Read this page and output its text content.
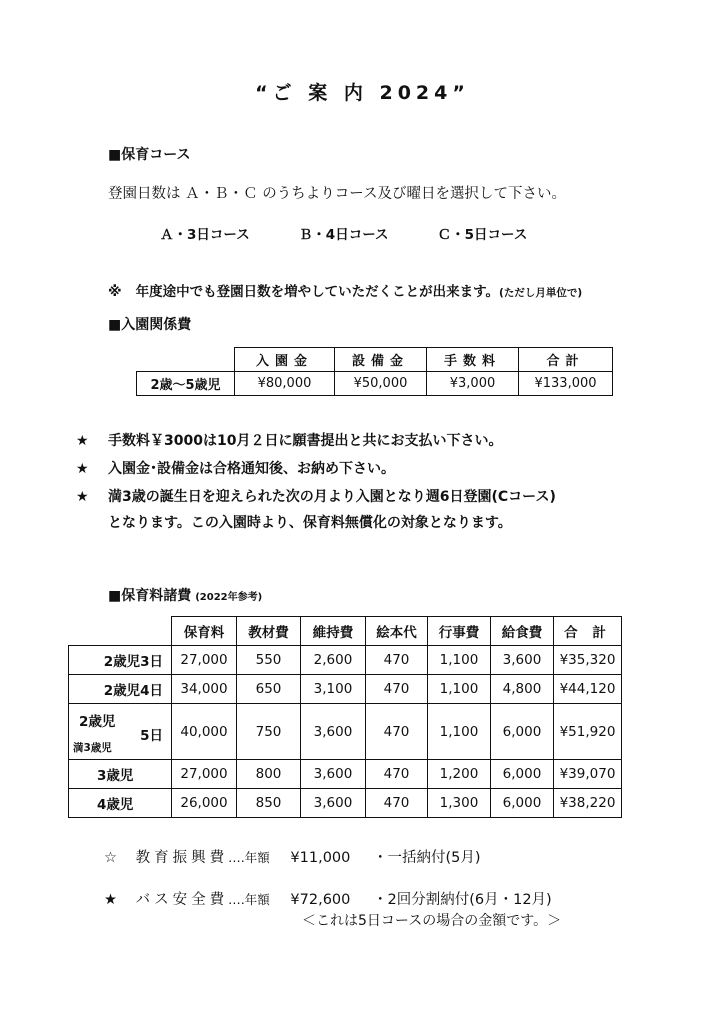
“ご 案 内 2024”
■保育コース
登園日数は Ａ・Ｂ・Ｃ のうちよりコース及び曜日を選択して下さい。
Ａ・3日コース	Ｂ・4日コース	Ｃ・5日コース
※ 年度途中でも登園日数を増やしていただくことが出来ます。(ただし月単位で)
■入園関係費
	入園金	設備金	手数料	合計
2歳～5歳児	¥80,000	¥50,000	¥3,000	¥133,000
★ 手数料￥3000は10月２日に願書提出と共にお支払い下さい。
★ 入園金･設備金は合格通知後、お納め下さい。
★ 満3歳の誕生日を迎えられた次の月より入園となり週6日登園(Cコース)
となります。この入園時より、保育料無償化の対象となります。
■保育料諸費 (2022年参考)
	保育料	教材費	維持費	絵本代	行事費	給食費	合 計
2歳児3日	27,000	550	2,600	470	1,100	3,600	¥35,320
2歳児4日	34,000	650	3,100	470	1,100	4,800	¥44,120

2歳児
5日
満3歳児	40,000	750	3,600	470	1,100	6,000	¥51,920
3歳児	27,000	800	3,600	470	1,200	6,000	¥39,070
4歳児	26,000	850	3,600	470	1,300	6,000	¥38,220
☆ 教育振興費‥‥年額 ¥11,000 ・一括納付(5月)
★ バス安全費‥‥年額 ¥72,600 ・2回分割納付(6月・12月)
＜これは5日コースの場合の金額です。＞
